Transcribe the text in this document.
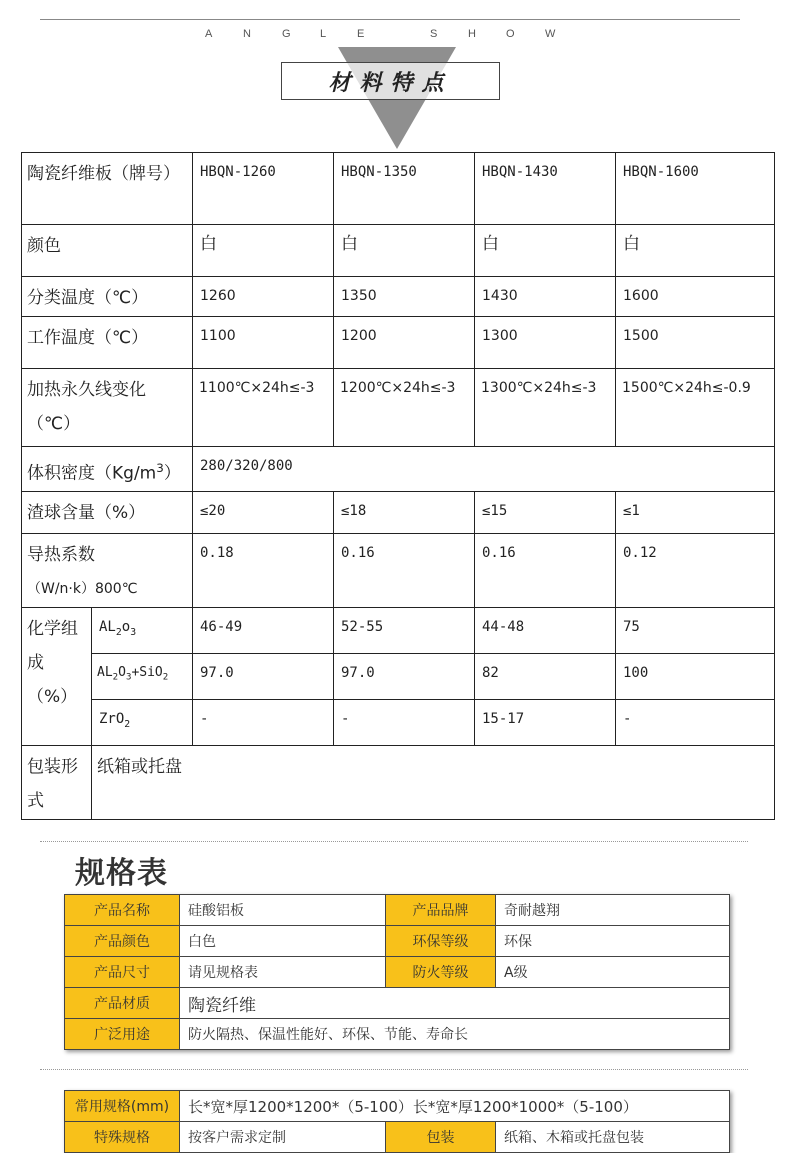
A	N	G	L	E	S	H	O	W
材料特点
陶瓷纤维板（牌号）		HBQN-1260	HBQN-1350	HBQN-1430	HBQN-1600
颜色		白	白	白	白
分类温度（℃）		1260	1350	1430	1600
工作温度（℃）		1100	1200	1300	1500

加热永久线变化
（℃）		1100℃×24h≤-3	1200℃×24h≤-3	1300℃×24h≤-3	1500℃×24h≤-0.9
体积密度$(Kg/m^3)$		280/320/800			
渣球含量（%）		≤20	≤18	≤15	≤1

导热系数
（W/n·k）800℃		0.18	0.16	0.16	0.12

化学组
成
（%）	$AL_2o_3$	46-49	52-55	44-48	75
	$AL_2O_3+SiO_2$	97.0	97.0	82	100
	ZrO$_2$	-	-	15-17	-

包装形
式	纸箱或托盘				
规格表
产品名称	硅酸铝板	产品品牌	奇耐越翔
产品颜色	白色	环保等级	环保
产品尺寸	请见规格表	防火等级	A级
产品材质	陶瓷纤维		
广泛用途	防火隔热、保温性能好、环保、节能、寿命长		
常用规格(mm)	长*宽*厚1200*1200*（5-100）长*宽*厚1200*1000*（5-100）		
特殊规格	按客户需求定制	包装	纸箱、木箱或托盘包装
